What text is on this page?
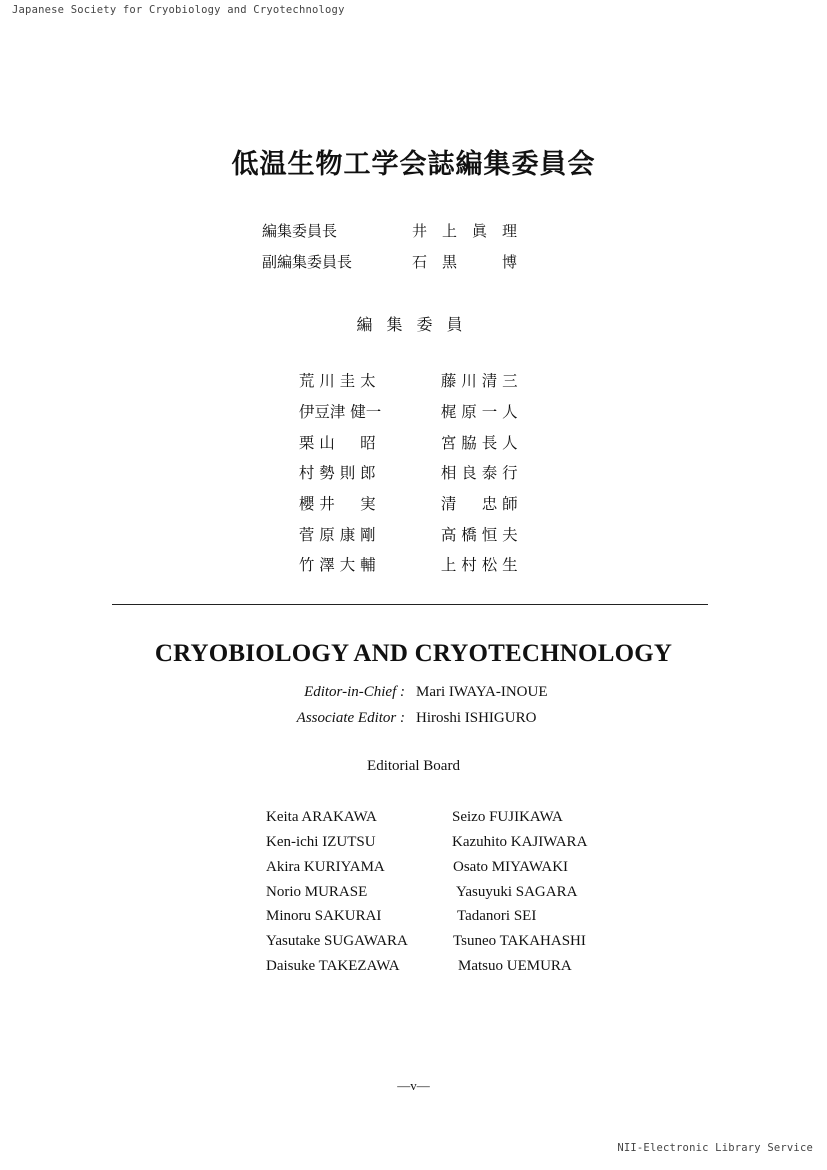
Japanese Society for Cryobiology and Cryotechnology
低温生物工学会誌編集委員会
編集委員長	井　上　眞　理
副編集委員長	石　黒　　　博
編集委員

荒 川 圭 太

伊豆津 健一

栗 山 　 昭

村 勢 則 郎

櫻 井 　 実

菅 原 康 剛

竹 澤 大 輔

藤 川 清 三

梶 原 一 人

宮 脇 長 人

相 良 泰 行

清 　 忠 師

高 橋 恒 夫

上 村 松 生

CRYOBIOLOGY AND CRYOTECHNOLOGY
Editor-in-Chief : Mari IWAYA-INOUE
Associate Editor : Hiroshi ISHIGURO
Editorial Board
Keita ARAKAWA
Ken-ichi IZUTSU
Akira KURIYAMA
Norio MURASE
Minoru SAKURAI
Yasutake SUGAWARA
Daisuke TAKEZAWA
Seizo FUJIKAWA
Kazuhito KAJIWARA
Osato MIYAWAKI
Yasuyuki SAGARA
Tadanori SEI
Tsuneo TAKAHASHI
Matsuo UEMURA
—v—
NII-Electronic Library Service
